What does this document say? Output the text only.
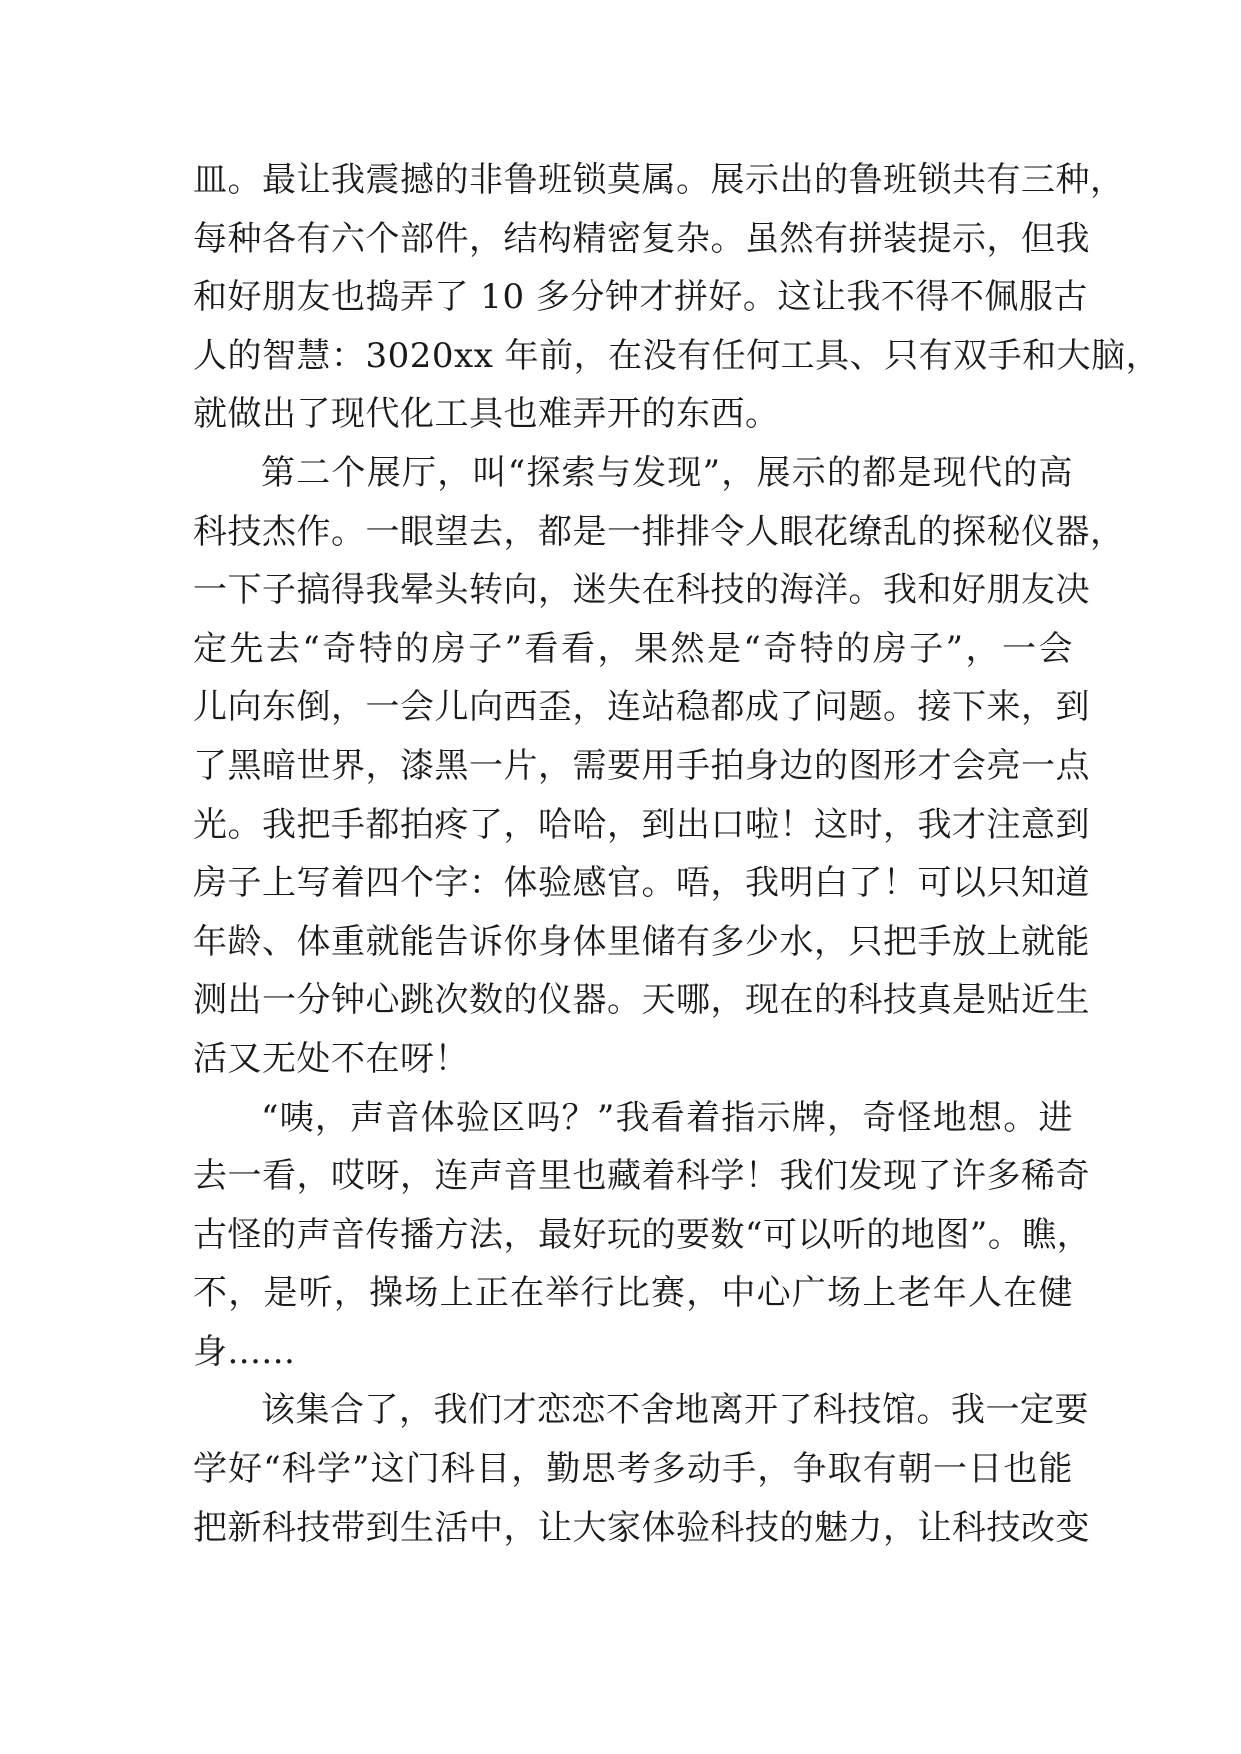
皿。最让我震撼的非鲁班锁莫属。展示出的鲁班锁共有三种，
每种各有六个部件，结构精密复杂。虽然有拼装提示，但我
和好朋友也捣弄了 10 多分钟才拼好。这让我不得不佩服古
人的智慧：3020xx 年前，在没有任何工具、只有双手和大脑，
就做出了现代化工具也难弄开的东西。
第二个展厅，叫“探索与发现”，展示的都是现代的高
科技杰作。一眼望去，都是一排排令人眼花缭乱的探秘仪器，
一下子搞得我晕头转向，迷失在科技的海洋。我和好朋友决
定先去“奇特的房子”看看，果然是“奇特的房子”，一会
儿向东倒，一会儿向西歪，连站稳都成了问题。接下来，到
了黑暗世界，漆黑一片，需要用手拍身边的图形才会亮一点
光。我把手都拍疼了，哈哈，到出口啦！这时，我才注意到
房子上写着四个字：体验感官。唔，我明白了！可以只知道
年龄、体重就能告诉你身体里储有多少水，只把手放上就能
测出一分钟心跳次数的仪器。天哪，现在的科技真是贴近生
活又无处不在呀！
“咦，声音体验区吗？”我看着指示牌，奇怪地想。进
去一看，哎呀，连声音里也藏着科学！我们发现了许多稀奇
古怪的声音传播方法，最好玩的要数“可以听的地图”。瞧，
不，是听，操场上正在举行比赛，中心广场上老年人在健
身......
该集合了，我们才恋恋不舍地离开了科技馆。我一定要
学好“科学”这门科目，勤思考多动手，争取有朝一日也能
把新科技带到生活中，让大家体验科技的魅力，让科技改变
